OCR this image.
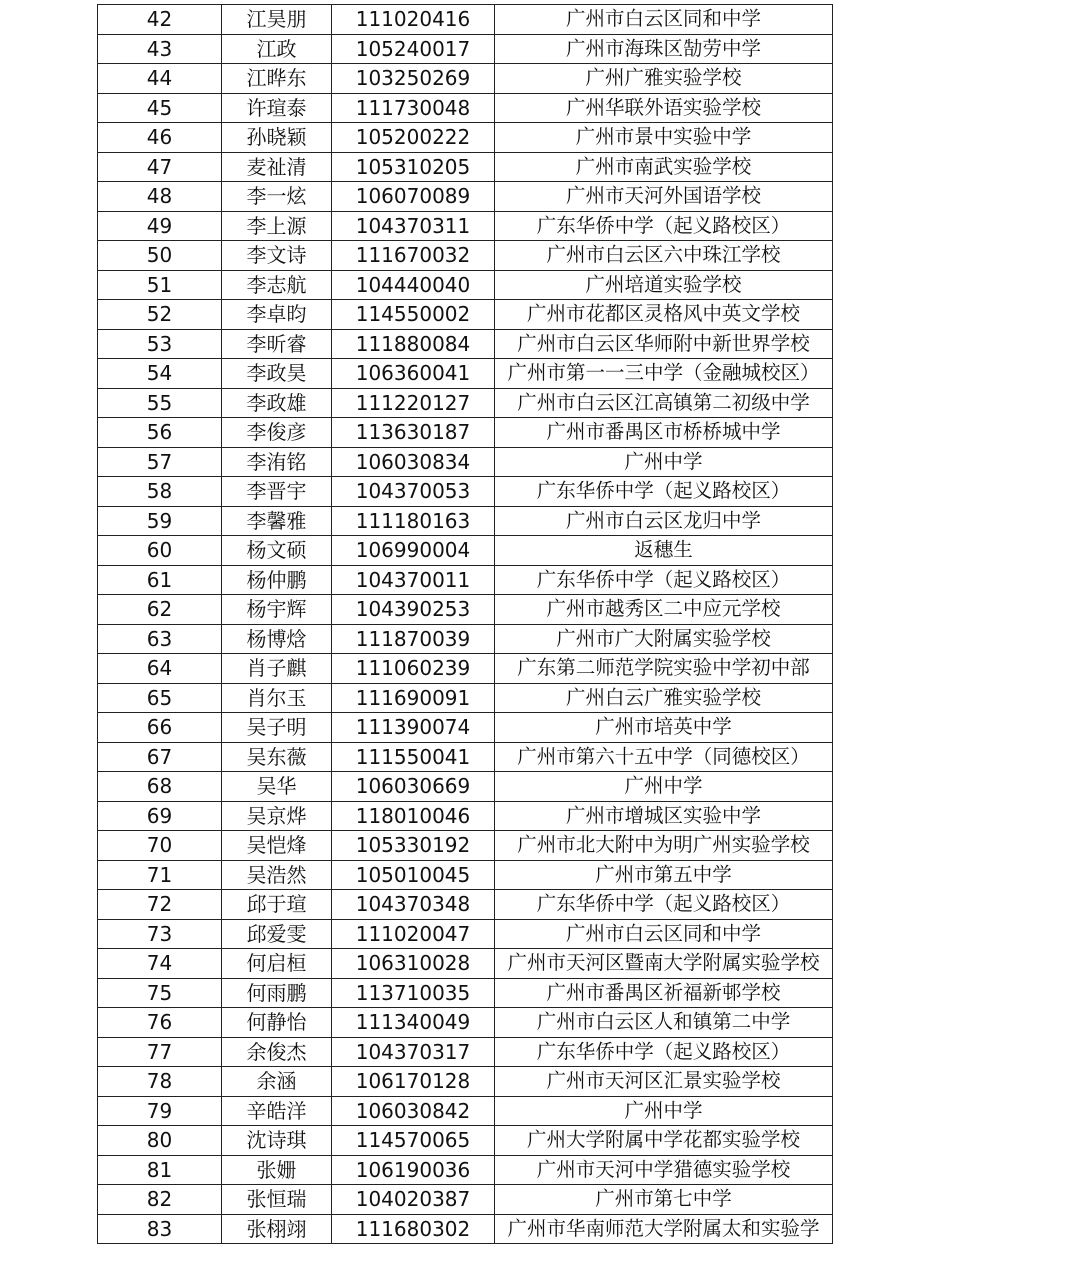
42	江昊朋	111020416	广州市白云区同和中学
43	江政	105240017	广州市海珠区勂劳中学
44	江晔东	103250269	广州广雅实验学校
45	许瑄泰	111730048	广州华联外语实验学校
46	孙晓颖	105200222	广州市景中实验中学
47	麦祉清	105310205	广州市南武实验学校
48	李一炫	106070089	广州市天河外国语学校
49	李上源	104370311	广东华侨中学（起义路校区）
50	李文诗	111670032	广州市白云区六中珠江学校
51	李志航	104440040	广州培道实验学校
52	李卓昀	114550002	广州市花都区灵格风中英文学校
53	李昕睿	111880084	广州市白云区华师附中新世界学校
54	李政昊	106360041	广州市第一一三中学（金融城校区）
55	李政雄	111220127	广州市白云区江高镇第二初级中学
56	李俊彦	113630187	广州市番禺区市桥桥城中学
57	李洧铭	106030834	广州中学
58	李晋宇	104370053	广东华侨中学（起义路校区）
59	李馨雅	111180163	广州市白云区龙归中学
60	杨文硕	106990004	返穗生
61	杨仲鹏	104370011	广东华侨中学（起义路校区）
62	杨宇辉	104390253	广州市越秀区二中应元学校
63	杨博焓	111870039	广州市广大附属实验学校
64	肖子麒	111060239	广东第二师范学院实验中学初中部
65	肖尔玉	111690091	广州白云广雅实验学校
66	吴子明	111390074	广州市培英中学
67	吴东薇	111550041	广州市第六十五中学（同德校区）
68	吴华	106030669	广州中学
69	吴京烨	118010046	广州市增城区实验中学
70	吴恺烽	105330192	广州市北大附中为明广州实验学校
71	吴浩然	105010045	广州市第五中学
72	邱于瑄	104370348	广东华侨中学（起义路校区）
73	邱爱雯	111020047	广州市白云区同和中学
74	何启桓	106310028	广州市天河区暨南大学附属实验学校
75	何雨鹏	113710035	广州市番禺区祈福新邨学校
76	何静怡	111340049	广州市白云区人和镇第二中学
77	余俊杰	104370317	广东华侨中学（起义路校区）
78	余涵	106170128	广州市天河区汇景实验学校
79	辛皓洋	106030842	广州中学
80	沈诗琪	114570065	广州大学附属中学花都实验学校
81	张姗	106190036	广州市天河中学猎德实验学校
82	张恒瑞	104020387	广州市第七中学
83	张栩翊	111680302	广州市华南师范大学附属太和实验学
